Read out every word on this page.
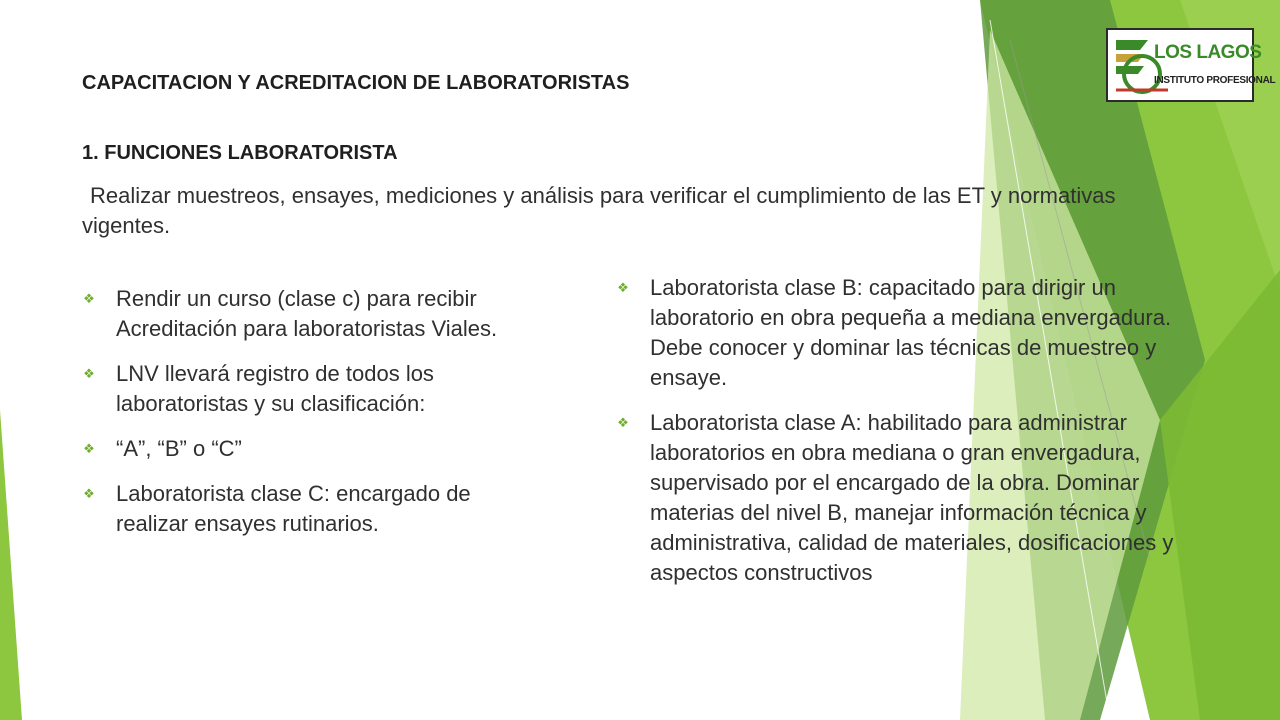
LOS LAGOS
INSTITUTO PROFESIONAL
CAPACITACION Y ACREDITACION DE LABORATORISTAS
1. FUNCIONES LABORATORISTA
Realizar muestreos, ensayes, mediciones y análisis para verificar el cumplimiento de las ET y normativas vigentes.
❖ Rendir un curso (clase c) para recibir Acreditación para laboratoristas Viales.
❖ LNV llevará registro de todos los laboratoristas y su clasificación:
❖ “A”, “B” o “C”
❖ Laboratorista clase C: encargado de realizar ensayes rutinarios.
❖ Laboratorista clase B: capacitado para dirigir un laboratorio en obra pequeña a mediana envergadura. Debe conocer y dominar las técnicas de muestreo y ensaye.
❖ Laboratorista clase A: habilitado para administrar laboratorios en obra mediana o gran envergadura, supervisado por el encargado de la obra. Dominar materias del nivel B, manejar información técnica y administrativa, calidad de materiales, dosificaciones y aspectos constructivos
